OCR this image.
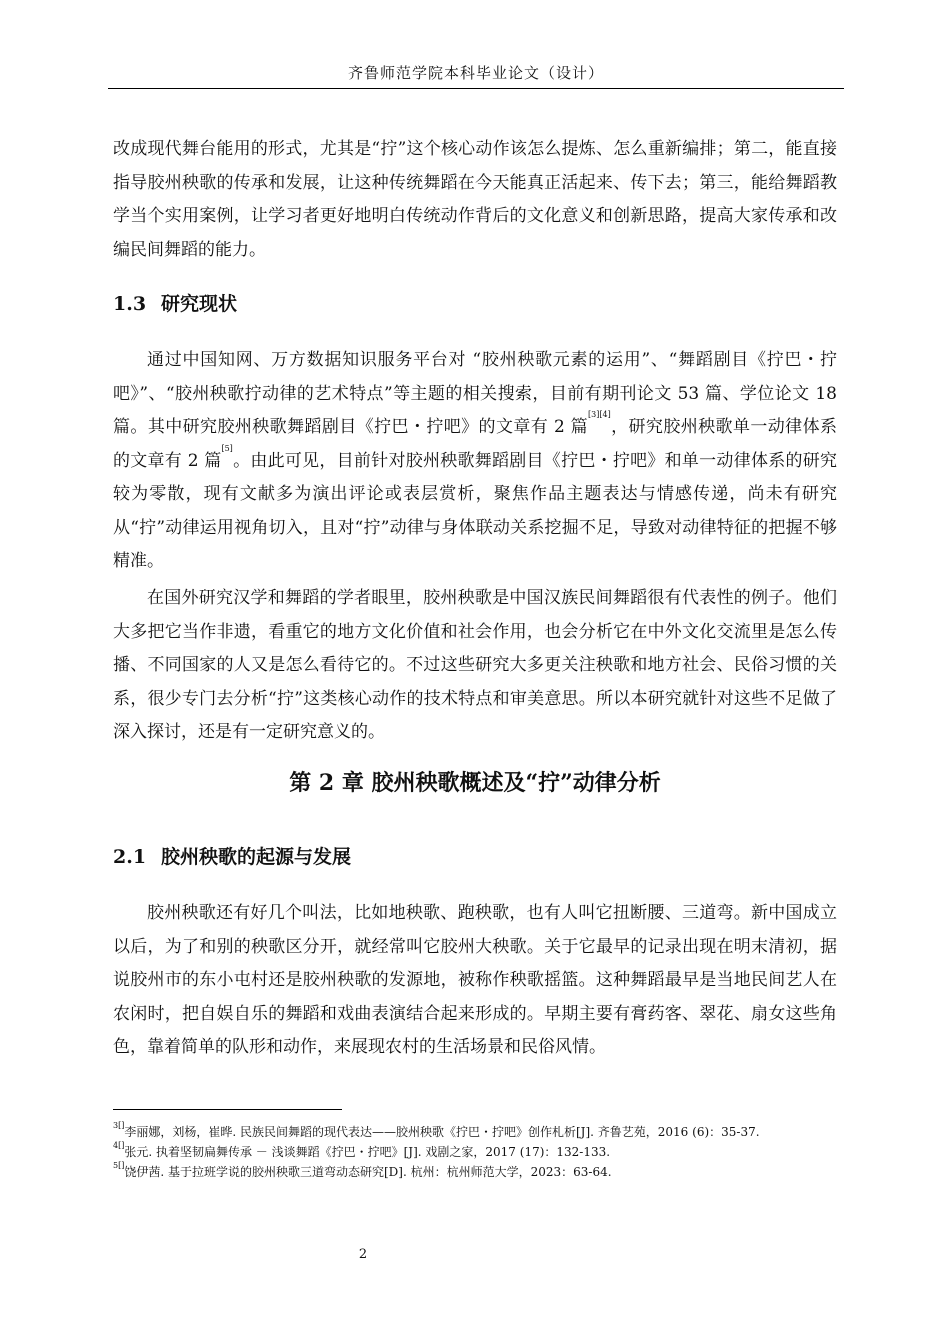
齐鲁师范学院本科毕业论文（设计）

改成现代舞台能用的形式，尤其是“拧”这个核心动作该怎么提炼、怎么重新编排；第二，能直接指导胶州秧歌的传承和发展，让这种传统舞蹈在今天能真正活起来、传下去；第三，能给舞蹈教学当个实用案例，让学习者更好地明白传统动作背后的文化意义和创新思路，提高大家传承和改编民间舞蹈的能力。

1.3 研究现状

通过中国知网、万方数据知识服务平台对 “胶州秧歌元素的运用”、“舞蹈剧目《拧巴・拧吧》”、“胶州秧歌拧动律的艺术特点”等主题的相关搜索，目前有期刊论文 53 篇、学位论文 18 篇。其中研究胶州秧歌舞蹈剧目《拧巴・拧吧》的文章有 2 篇[3][4]，研究胶州秧歌单一动律体系的文章有 2 篇[5]。由此可见，目前针对胶州秧歌舞蹈剧目《拧巴・拧吧》和单一动律体系的研究较为零散，现有文献多为演出评论或表层赏析，聚焦作品主题表达与情感传递，尚未有研究从“拧”动律运用视角切入，且对“拧”动律与身体联动关系挖掘不足，导致对动律特征的把握不够精准。

在国外研究汉学和舞蹈的学者眼里，胶州秧歌是中国汉族民间舞蹈很有代表性的例子。他们大多把它当作非遗，看重它的地方文化价值和社会作用，也会分析它在中外文化交流里是怎么传播、不同国家的人又是怎么看待它的。不过这些研究大多更关注秧歌和地方社会、民俗习惯的关系，很少专门去分析“拧”这类核心动作的技术特点和审美意思。所以本研究就针对这些不足做了深入探讨，还是有一定研究意义的。

第 2 章 胶州秧歌概述及“拧”动律分析
2.1 胶州秧歌的起源与发展

胶州秧歌还有好几个叫法，比如地秧歌、跑秧歌，也有人叫它扭断腰、三道弯。新中国成立以后，为了和别的秧歌区分开，就经常叫它胶州大秧歌。关于它最早的记录出现在明末清初，据说胶州市的东小屯村还是胶州秧歌的发源地，被称作秧歌摇篮。这种舞蹈最早是当地民间艺人在农闲时，把自娱自乐的舞蹈和戏曲表演结合起来形成的。早期主要有膏药客、翠花、扇女这些角色，靠着简单的队形和动作，来展现农村的生活场景和民俗风情。

$^{3[]}$李丽娜，刘杨，崔晔. 民族民间舞蹈的现代表达——胶州秧歌《拧巴・拧吧》创作札析[J]. 齐鲁艺苑，2016 (6)：35-37.

$^{4[]}$张元. 执着坚韧扁舞传承 － 浅谈舞蹈《拧巴・拧吧》[J]. 戏剧之家，2017 (17)：132-133.

$^{5[]}$饶伊茜. 基于拉班学说的胶州秧歌三道弯动态研究[D]. 杭州：杭州师范大学，2023：63-64.

2
